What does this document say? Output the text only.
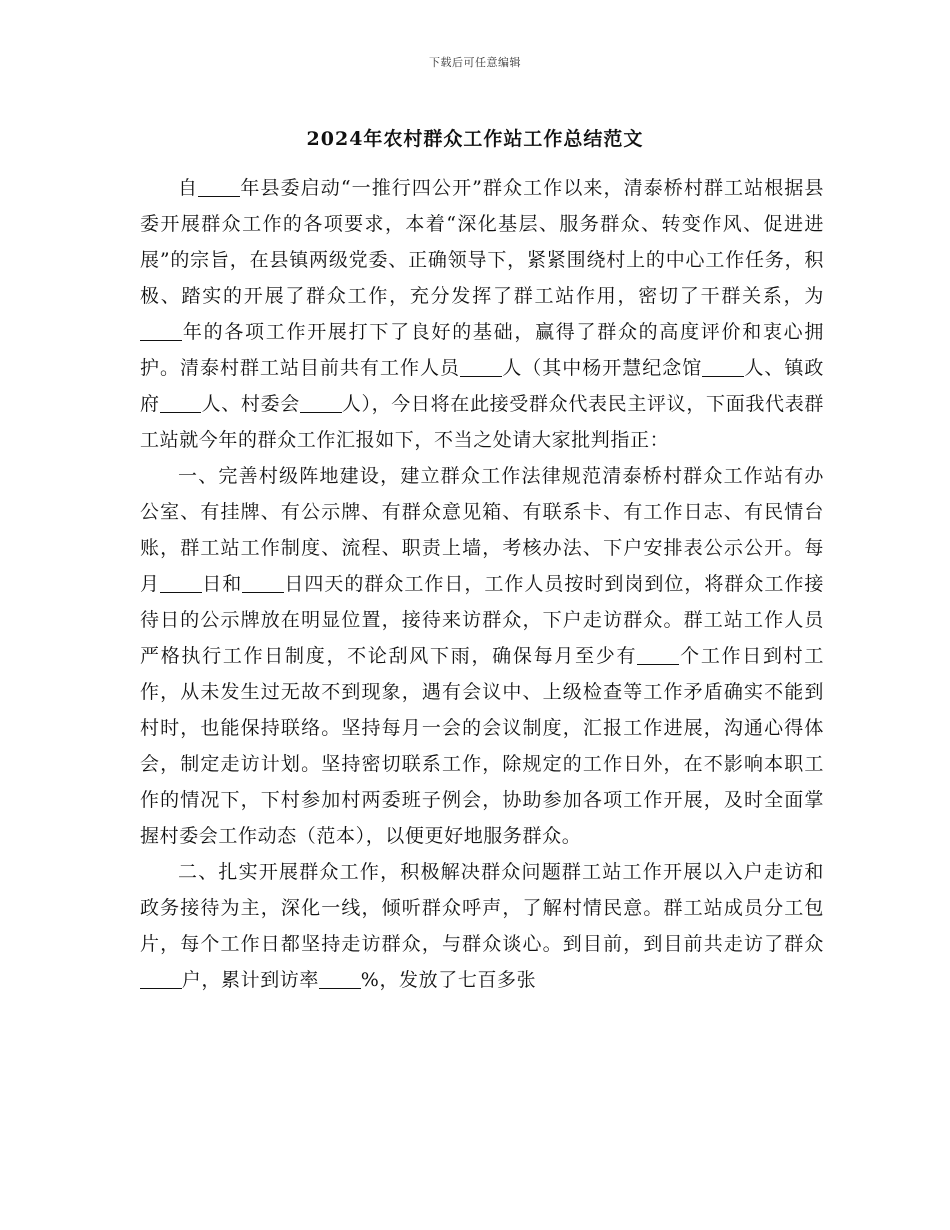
下载后可任意编辑
2024年农村群众工作站工作总结范文

自 年县委启动“一推行四公开”群众工作以来，清泰桥村群工站根据县委开展群众工作的各项要求，本着“深化基层、服务群众、转变作风、促进进展”的宗旨，在县镇两级党委、正确领导下，紧紧围绕村上的中心工作任务，积极、踏实的开展了群众工作，充分发挥了群工站作用，密切了干群关系，为年的各项工作开展打下了良好的基础，赢得了群众的高度评价和衷心拥护。清泰村群工站目前共有工作人员 人（其中杨开慧纪念馆 人、镇政府 人、村委会 人），今日将在此接受群众代表民主评议，下面我代表群工站就今年的群众工作汇报如下，不当之处请大家批判指正：

一、完善村级阵地建设，建立群众工作法律规范清泰桥村群众工作站有办公室、有挂牌、有公示牌、有群众意见箱、有联系卡、有工作日志、有民情台账，群工站工作制度、流程、职责上墙，考核办法、下户安排表公示公开。每月 日和 日四天的群众工作日，工作人员按时到岗到位，将群众工作接待日的公示牌放在明显位置，接待来访群众，下户走访群众。群工站工作人员严格执行工作日制度，不论刮风下雨，确保每月至少有 个工作日到村工作，从未发生过无故不到现象，遇有会议中、上级检查等工作矛盾确实不能到村时，也能保持联络。坚持每月一会的会议制度，汇报工作进展，沟通心得体会，制定走访计划。坚持密切联系工作，除规定的工作日外，在不影响本职工作的情况下，下村参加村两委班子例会，协助参加各项工作开展，及时全面掌握村委会工作动态（范本），以便更好地服务群众。

二、扎实开展群众工作，积极解决群众问题群工站工作开展以入户走访和政务接待为主，深化一线，倾听群众呼声，了解村情民意。群工站成员分工包片，每个工作日都坚持走访群众，与群众谈心。到目前，到目前共走访了群众户，累计到访率 %，发放了七百多张
